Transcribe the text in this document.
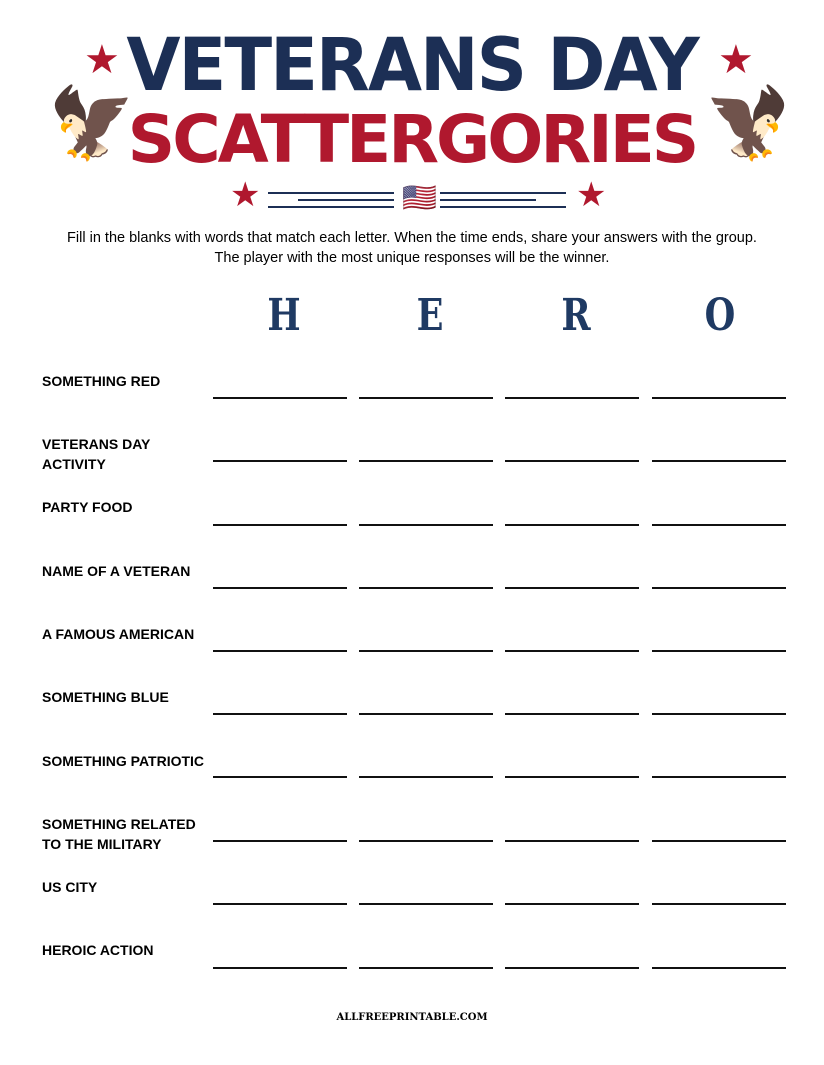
★	★
🦅	🦅
VETERANS DAY
SCATTERGORIES
★	★
🇺🇸
Fill in the blanks with words that match each letter. When the time ends, share your answers with the group.
The player with the most unique responses will be the winner.
H	E	R	O
SOMETHING RED
VETERANS DAY
ACTIVITY
PARTY FOOD
NAME OF A VETERAN
A FAMOUS AMERICAN
SOMETHING BLUE
SOMETHING PATRIOTIC
SOMETHING RELATED
TO THE MILITARY
US CITY
HEROIC ACTION
ALLFREEPRINTABLE.COM
